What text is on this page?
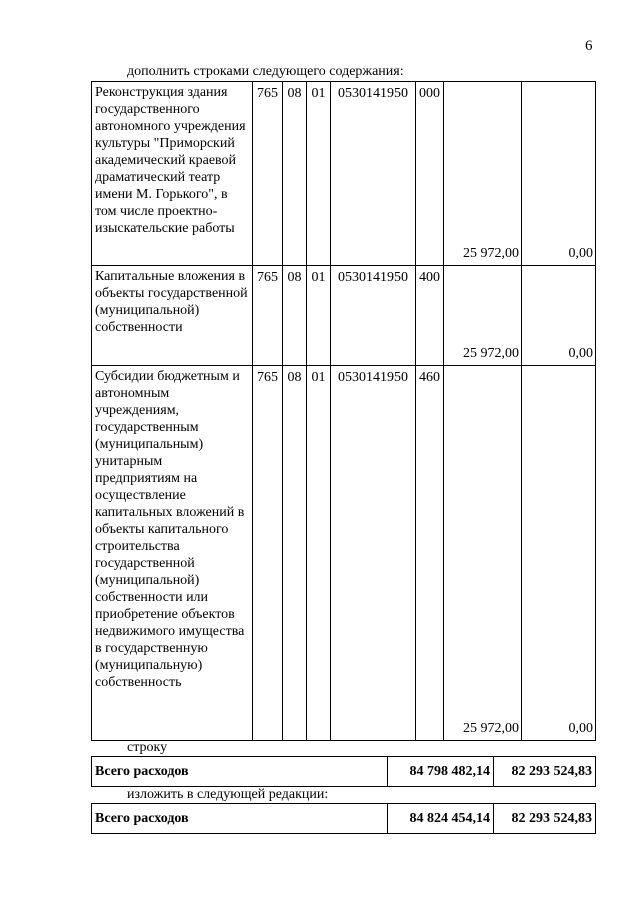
6
дополнить строками следующего содержания:
Реконструкция здания государственного автономного учреждения культуры "Приморский академический краевой драматический театр имени М. Горького", в том числе проектно-изыскательские работы	765	08	01	0530141950	000	25 972,00	0,00
Капитальные вложения в объекты государственной (муниципальной) собственности	765	08	01	0530141950	400	25 972,00	0,00
Субсидии бюджетным и автономным учреждениям, государственным (муниципальным) унитарным предприятиям на осуществление капитальных вложений в объекты капитального строительства государственной (муниципальной) собственности или приобретение объектов недвижимого имущества в государственную (муниципальную) собственность	765	08	01	0530141950	460	25 972,00	0,00
строку
Всего расходов	84 798 482,14	82 293 524,83
изложить в следующей редакции:
Всего расходов	84 824 454,14	82 293 524,83
